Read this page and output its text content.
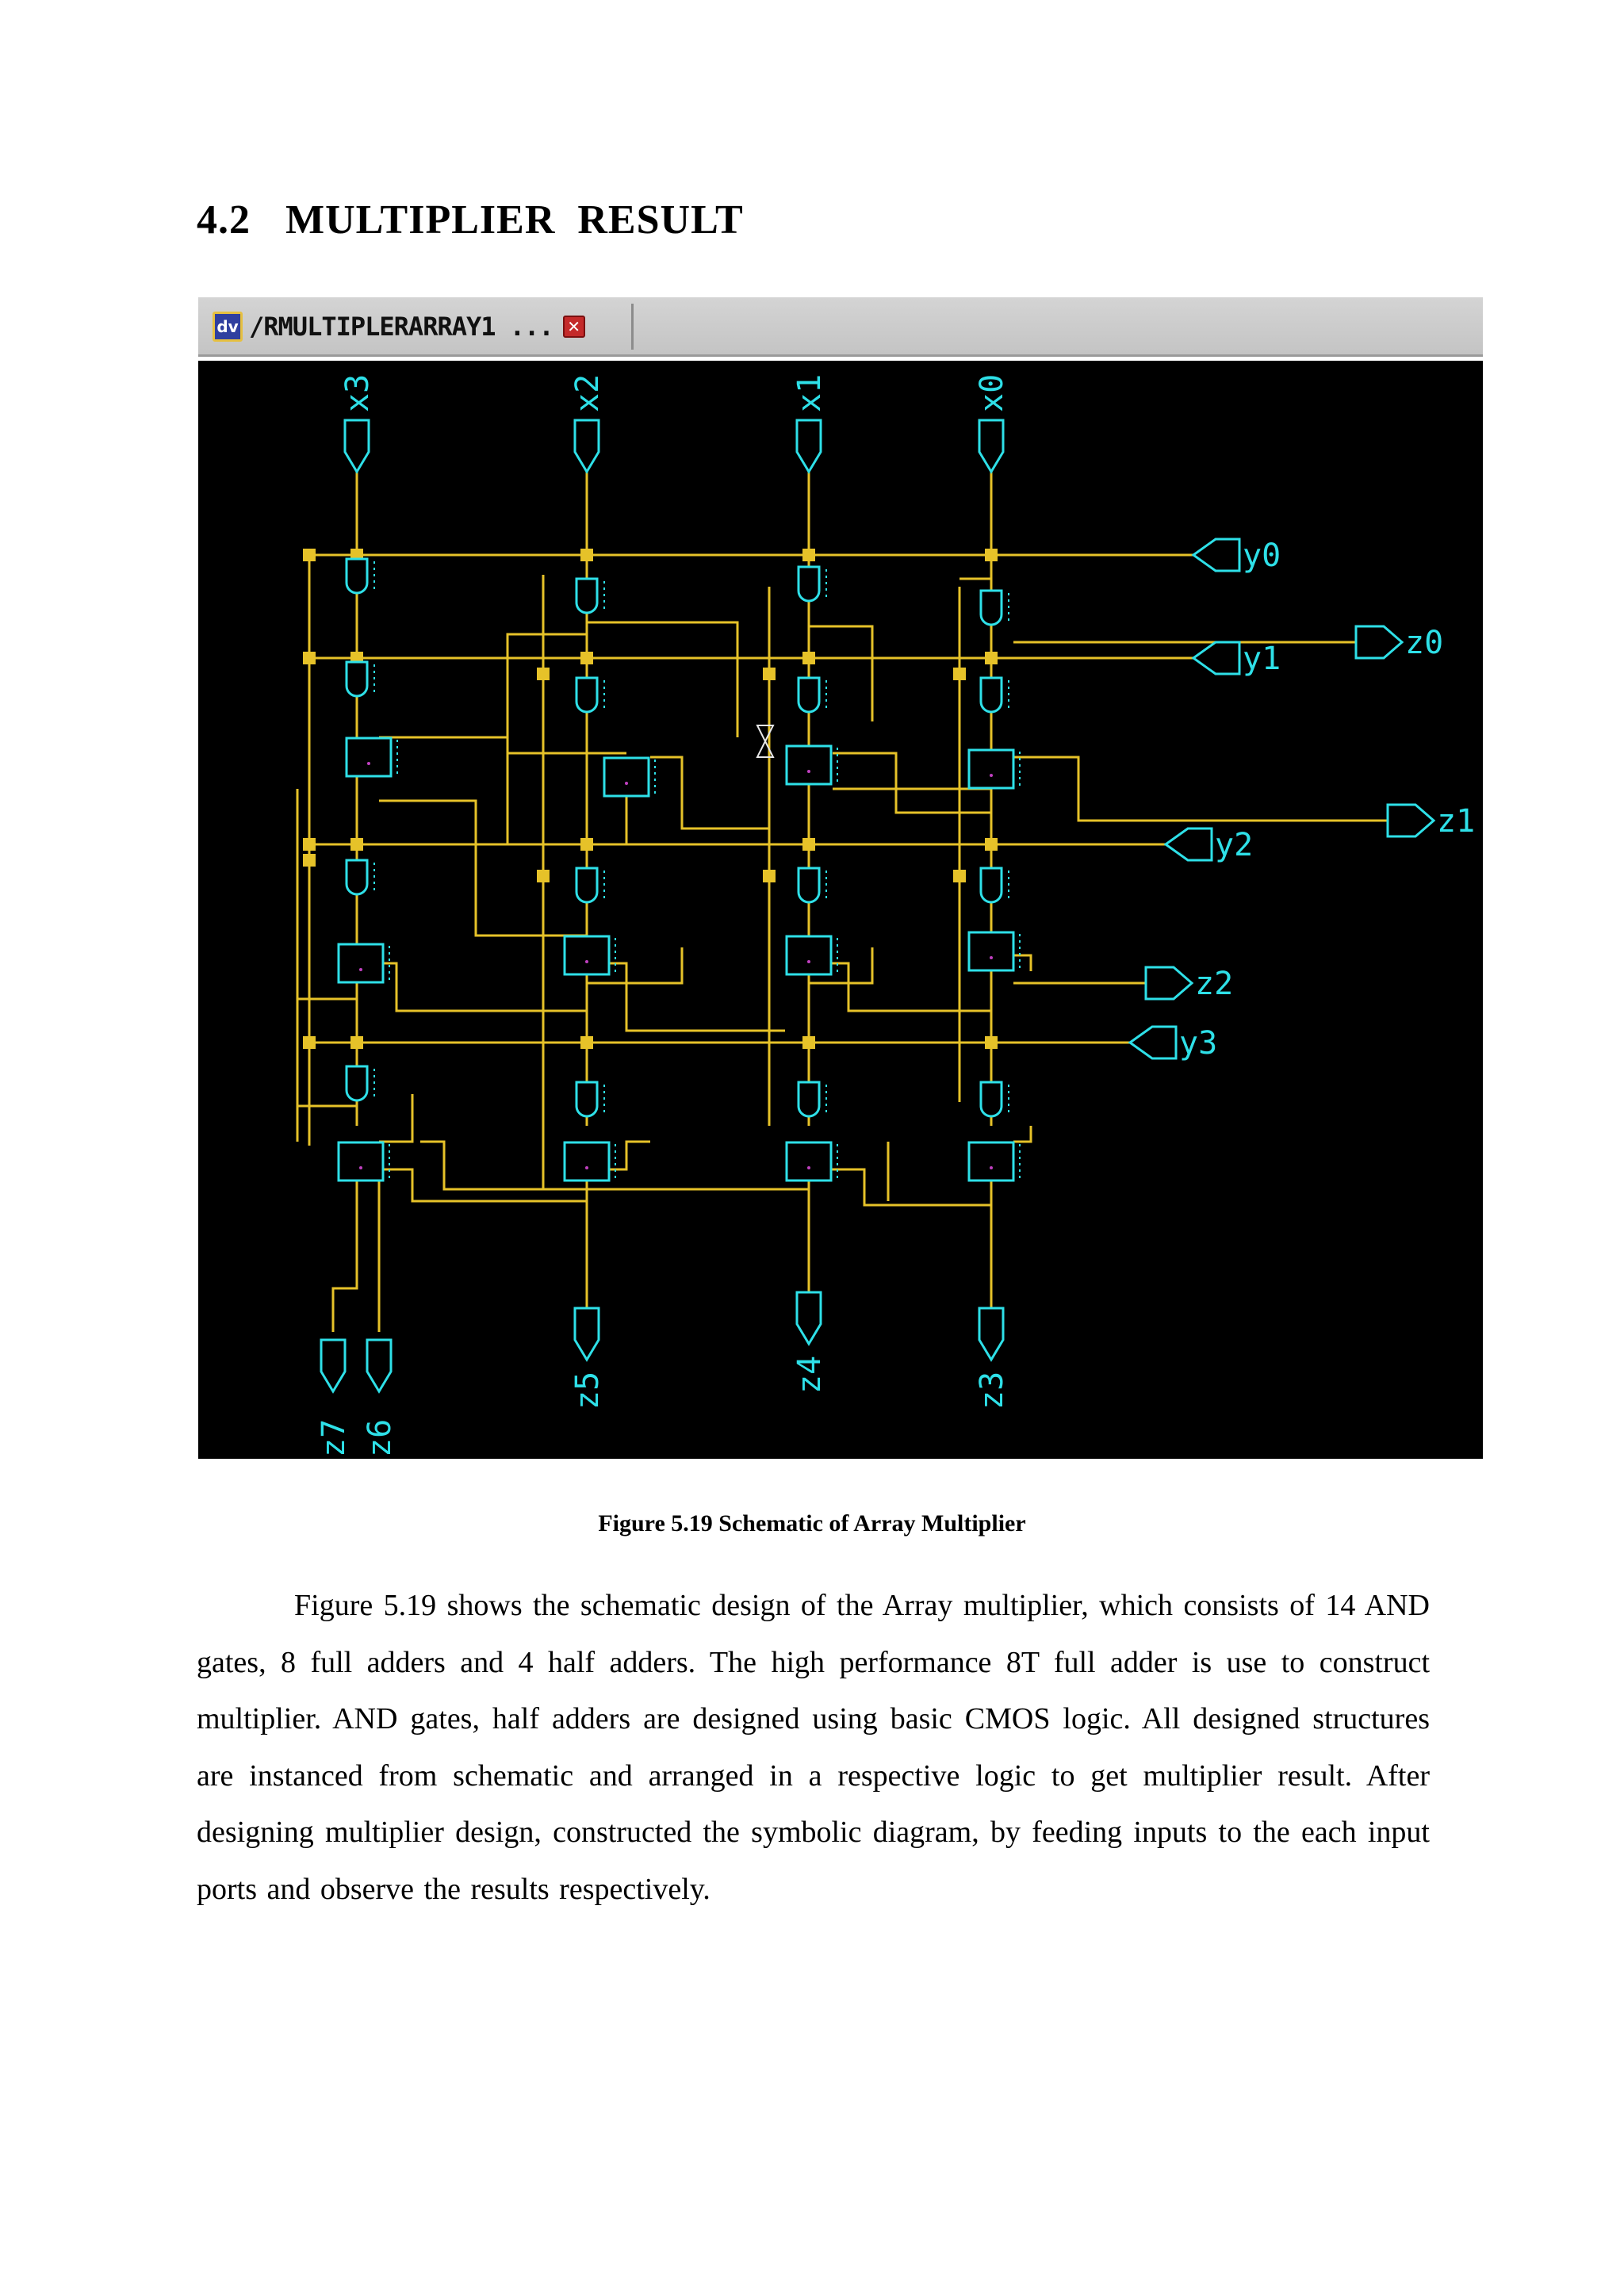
4.2 MULTIPLIER  RESULT
dv /RMULTIPLERARRAY1 ... ✕
x3	x2	x1	x0
y0
y1
y2
y3
z0
z1
z2
z3
z4
z5
z7 z6
Figure 5.19 Schematic of Array Multiplier

Figure 5.19 shows the schematic design of the Array multiplier, which consists of 14 AND gates, 8 full adders and 4 half adders. The high performance 8T full adder is use to construct multiplier. AND gates, half adders are designed using basic CMOS logic. All designed structures are instanced from schematic and arranged in a respective logic to get multiplier result. After designing multiplier design, constructed the symbolic diagram, by feeding inputs to the each input ports and observe the results respectively.
